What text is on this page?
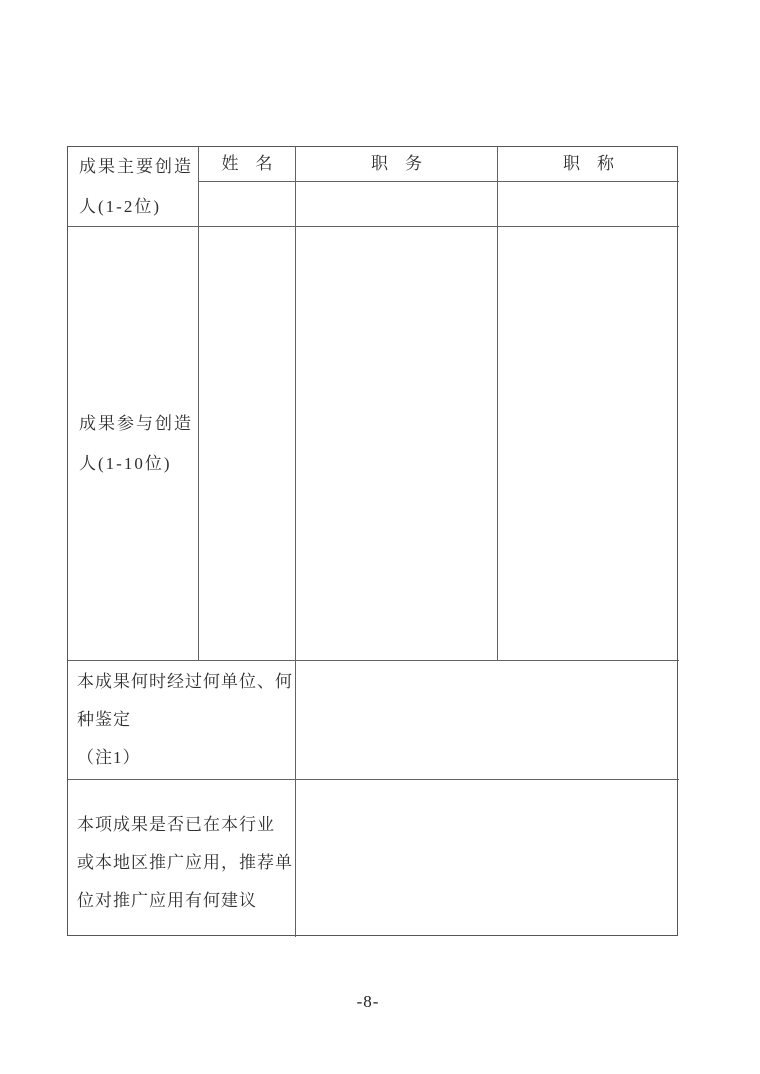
成果主要创造
人(1-2位)
姓　名	职　务	职　称
成果参与创造
人(1-10位)
本成果何时经过何单位、何
种鉴定
（注1）
本项成果是否已在本行业
或本地区推广应用，推荐单
位对推广应用有何建议
-8-
